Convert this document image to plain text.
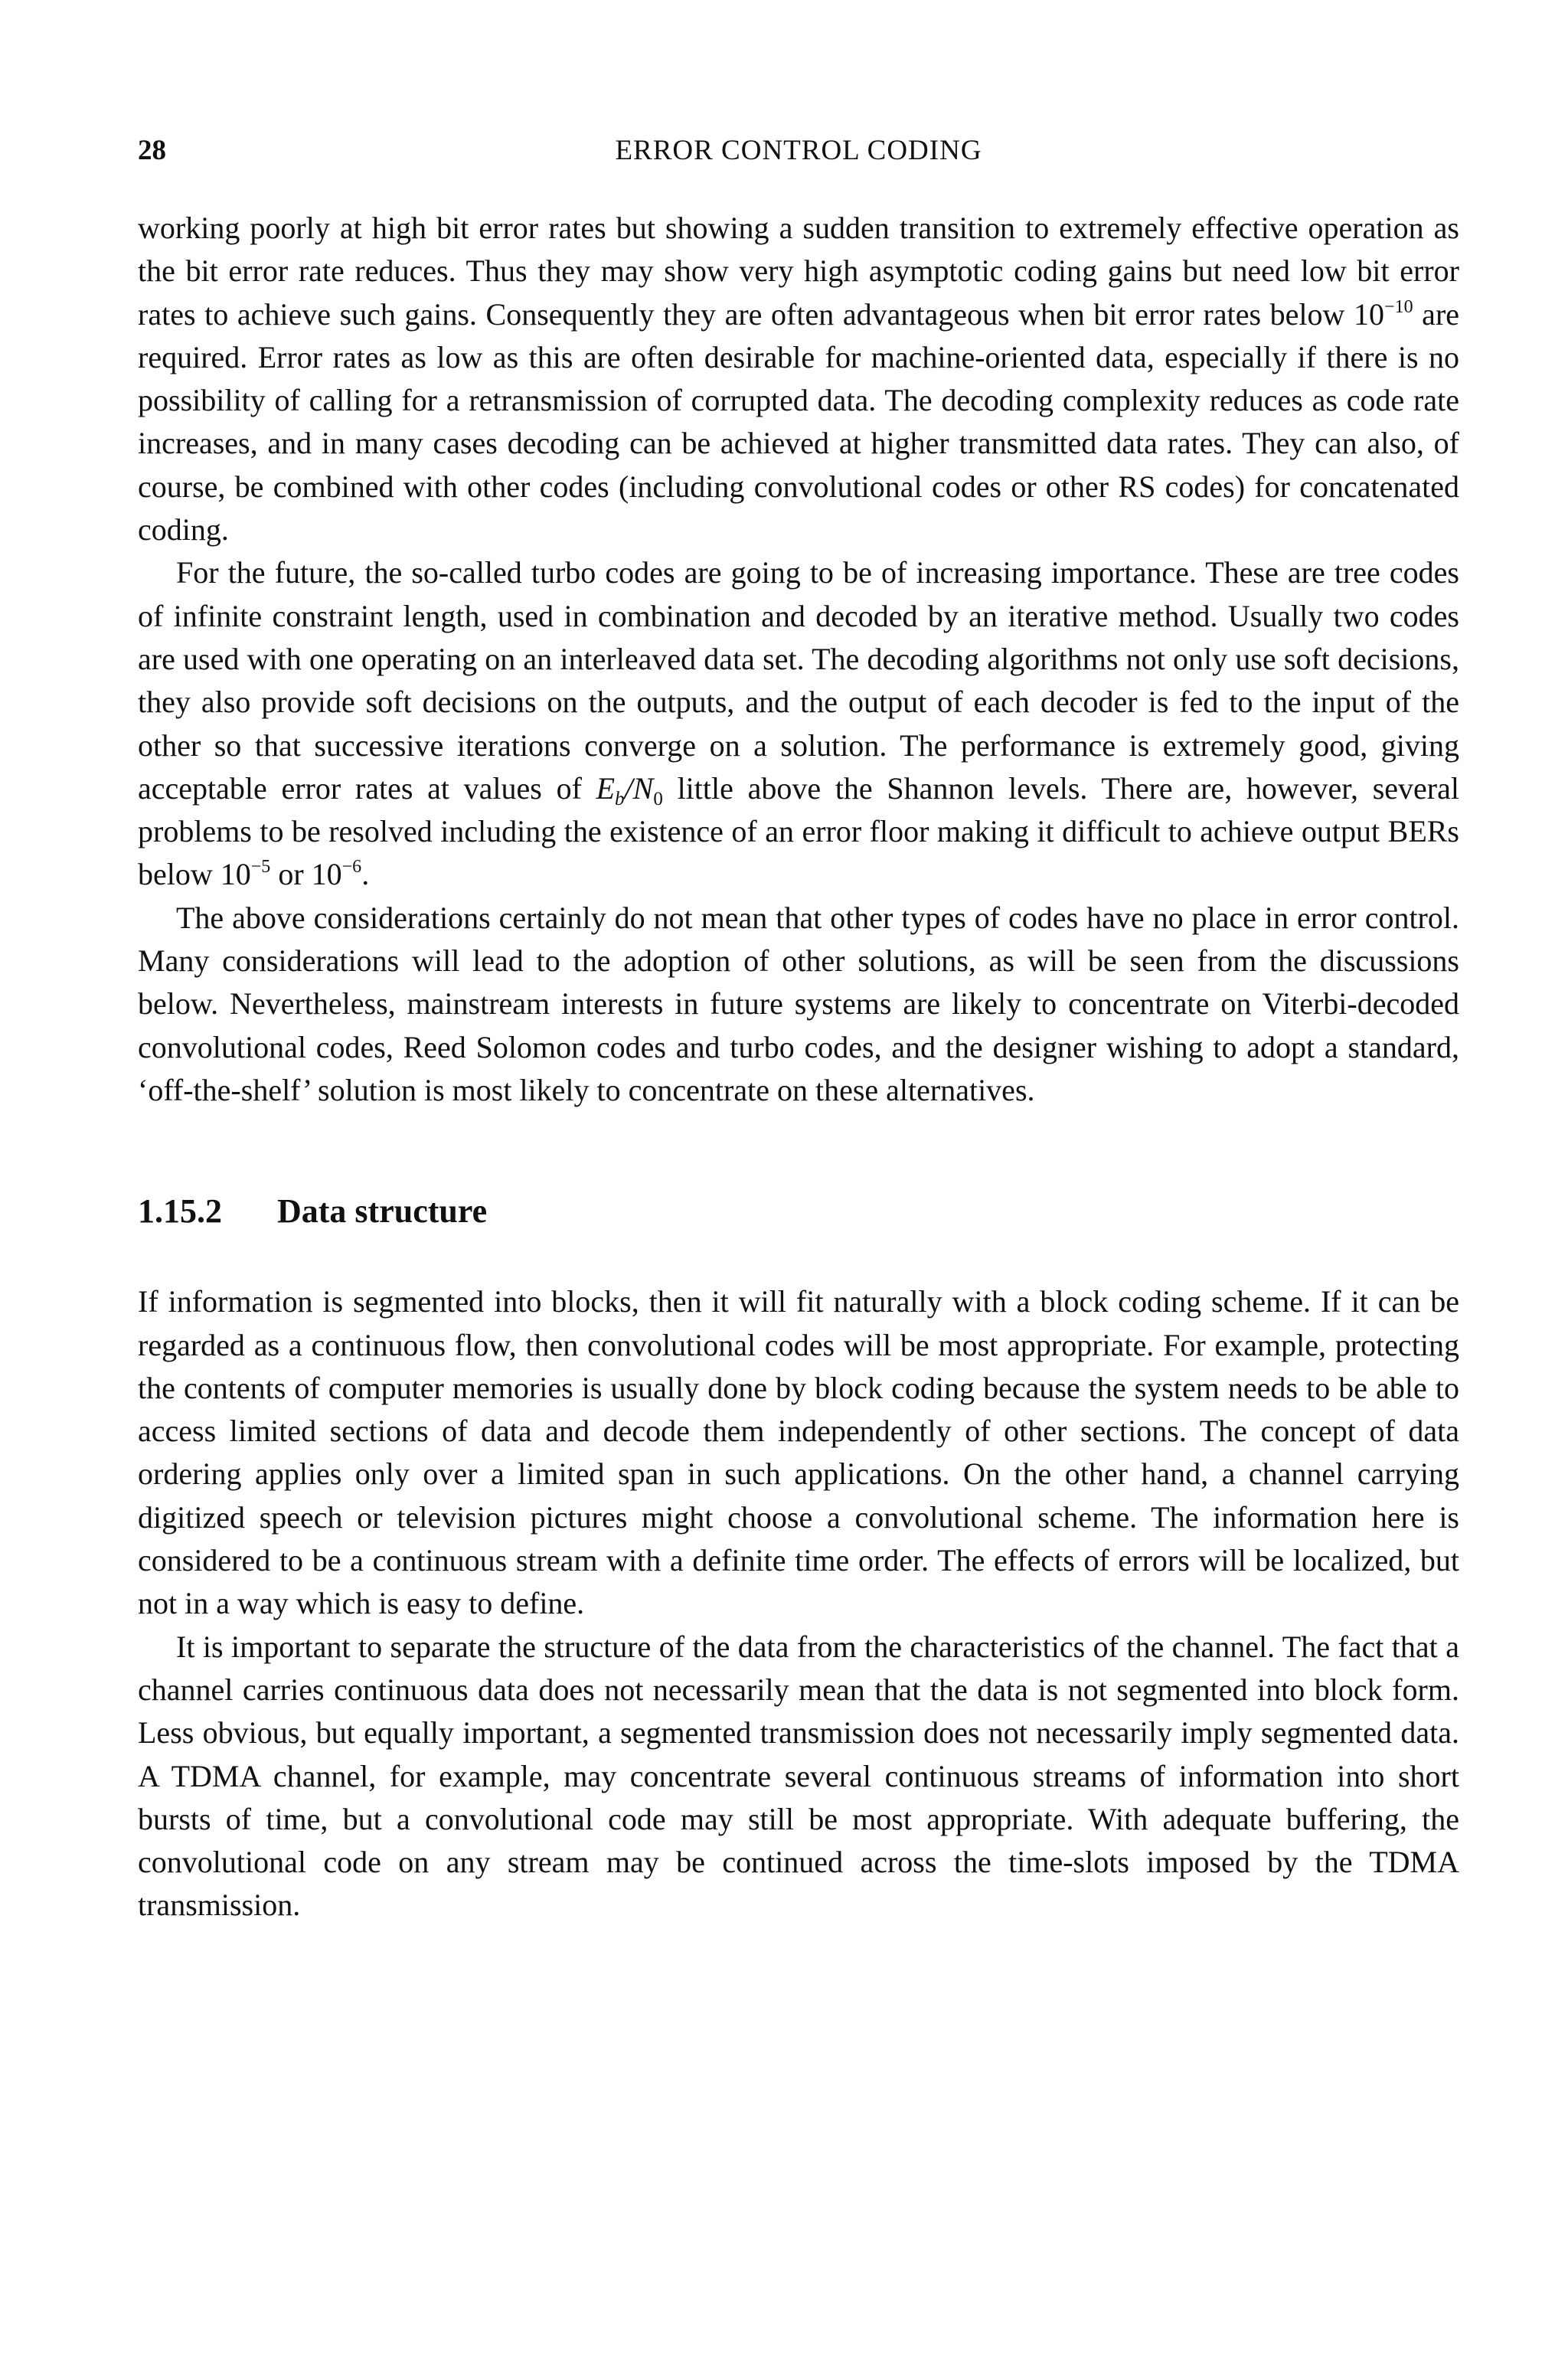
28	ERROR CONTROL CODING

working poorly at high bit error rates but showing a sudden transition to extremely effective operation as the bit error rate reduces. Thus they may show very high asymptotic coding gains but need low bit error rates to achieve such gains. Consequently they are often advantageous when bit error rates below $10^{-10}$ are required. Error rates as low as this are often desirable for machine-oriented data, especially if there is no possibility of calling for a retransmission of corrupted data. The decoding complexity reduces as code rate increases, and in many cases decoding can be achieved at higher transmitted data rates. They can also, of course, be combined with other codes (including convolutional codes or other RS codes) for concatenated coding.

For the future, the so-called turbo codes are going to be of increasing importance. These are tree codes of infinite constraint length, used in combination and decoded by an iterative method. Usually two codes are used with one operating on an interleaved data set. The decoding algorithms not only use soft decisions, they also provide soft decisions on the outputs, and the output of each decoder is fed to the input of the other so that successive iterations converge on a solution. The performance is extremely good, giving acceptable error rates at values of $E_b/N_0$ little above the Shannon levels. There are, however, several problems to be resolved including the existence of an error floor making it difficult to achieve output BERs below $10^{-5}$ or $10^{-6}$.

The above considerations certainly do not mean that other types of codes have no place in error control. Many considerations will lead to the adoption of other solutions, as will be seen from the discussions below. Nevertheless, mainstream interests in future systems are likely to concentrate on Viterbi-decoded convolutional codes, Reed Solomon codes and turbo codes, and the designer wishing to adopt a standard, ‘off-the-shelf’ solution is most likely to concentrate on these alternatives.

1.15.2 Data structure

If information is segmented into blocks, then it will fit naturally with a block coding scheme. If it can be regarded as a continuous flow, then convolutional codes will be most appropriate. For example, protecting the contents of computer memories is usually done by block coding because the system needs to be able to access limited sections of data and decode them independently of other sections. The concept of data ordering applies only over a limited span in such applications. On the other hand, a channel carrying digitized speech or television pictures might choose a convolutional scheme. The information here is considered to be a continuous stream with a definite time order. The effects of errors will be localized, but not in a way which is easy to define.

It is important to separate the structure of the data from the characteristics of the channel. The fact that a channel carries continuous data does not necessarily mean that the data is not segmented into block form. Less obvious, but equally important, a segmented transmission does not necessarily imply segmented data. A TDMA channel, for example, may concentrate several continuous streams of information into short bursts of time, but a convolutional code may still be most appropriate. With adequate buffering, the convolutional code on any stream may be continued across the time-slots imposed by the TDMA transmission.
